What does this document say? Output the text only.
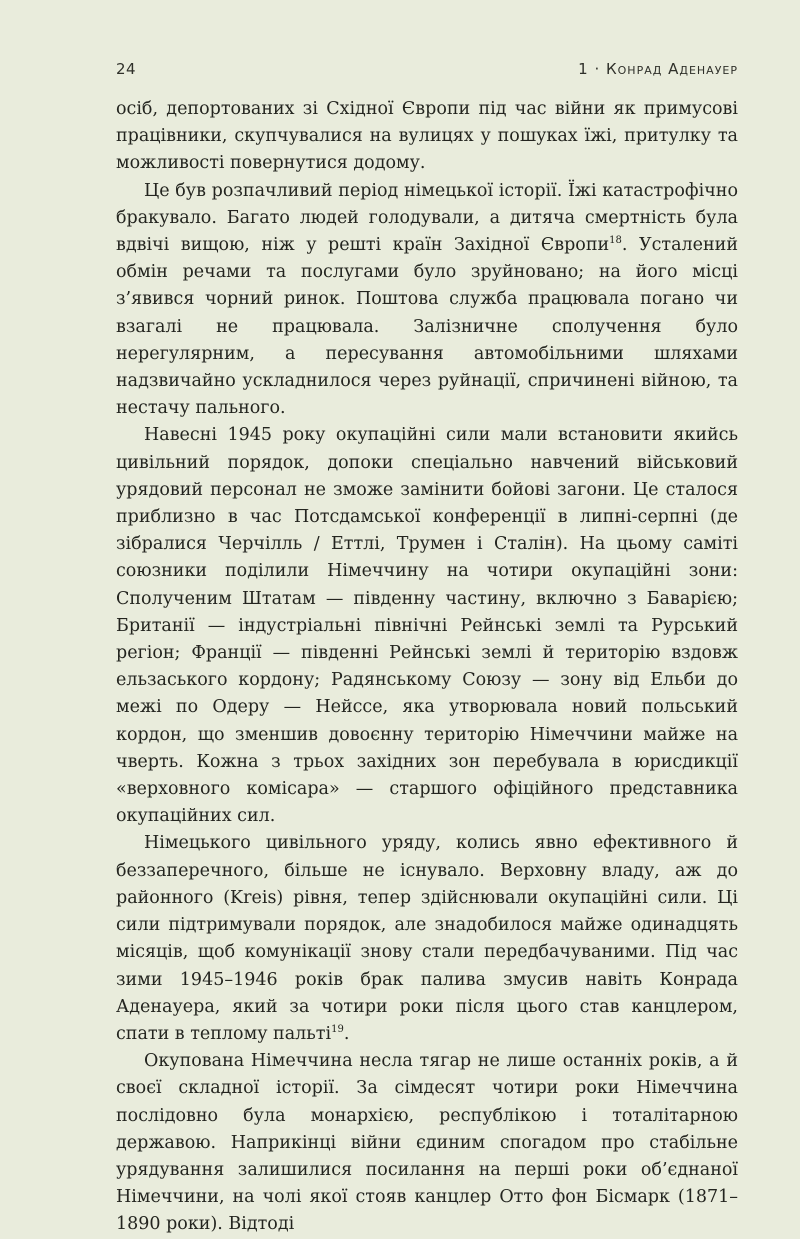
24	1 · Конрад Аденауер

осіб, депортованих зі Східної Європи під час війни як примусові працівники, скупчувалися на вулицях у пошуках їжі, притулку та можливості повернутися додому.

Це був розпачливий період німецької історії. Їжі катастрофічно бракувало. Багато людей голодували, а дитяча смертність була вдвічі вищою, ніж у решті країн Західної Європи$^{18}$. Усталений обмін речами та послугами було зруйновано; на його місці з’явився чорний ринок. Поштова служба працювала погано чи взагалі не працювала. Залізничне сполучення було нерегулярним, а пересування автомобільними шляхами надзвичайно ускладнилося через руйнації, спричинені війною, та нестачу пального.

Навесні 1945 року окупаційні сили мали встановити якийсь цивільний порядок, допоки спеціально навчений військовий урядовий персонал не зможе замінити бойові загони. Це сталося приблизно в час Потсдамської конференції в липні-серпні (де зібралися Черчілль / Еттлі, Трумен і Сталін). На цьому саміті союзники поділили Німеччину на чотири окупаційні зони: Сполученим Штатам — південну частину, включно з Баварією; Британії — індустріальні північні Рейнські землі та Рурський регіон; Франції — південні Рейнські землі й територію вздовж ельзаського кордону; Радянському Союзу — зону від Ельби до межі по Одеру — Нейссе, яка утворювала новий польський кордон, що зменшив довоєнну територію Німеччини майже на чверть. Кожна з трьох західних зон перебувала в юрисдикції «верховного комісара» — старшого офіційного представника окупаційних сил.

Німецького цивільного уряду, колись явно ефективного й беззаперечного, більше не існувало. Верховну владу, аж до районного (Kreis) рівня, тепер здійснювали окупаційні сили. Ці сили підтримували порядок, але знадобилося майже одинадцять місяців, щоб комунікації знову стали передбачуваними. Під час зими 1945–1946 років брак палива змусив навіть Конрада Аденауера, який за чотири роки після цього став канцлером, спати в теплому пальті$^{19}$.

Окупована Німеччина несла тягар не лише останніх років, а й своєї складної історії. За сімдесят чотири роки Німеччина послідовно була монархією, республікою і тоталітарною державою. Наприкінці війни єдиним спогадом про стабільне урядування залишилися посилання на перші роки об’єднаної Німеччини, на чолі якої стояв канцлер Отто фон Бісмарк (1871–1890 роки). Відтоді
